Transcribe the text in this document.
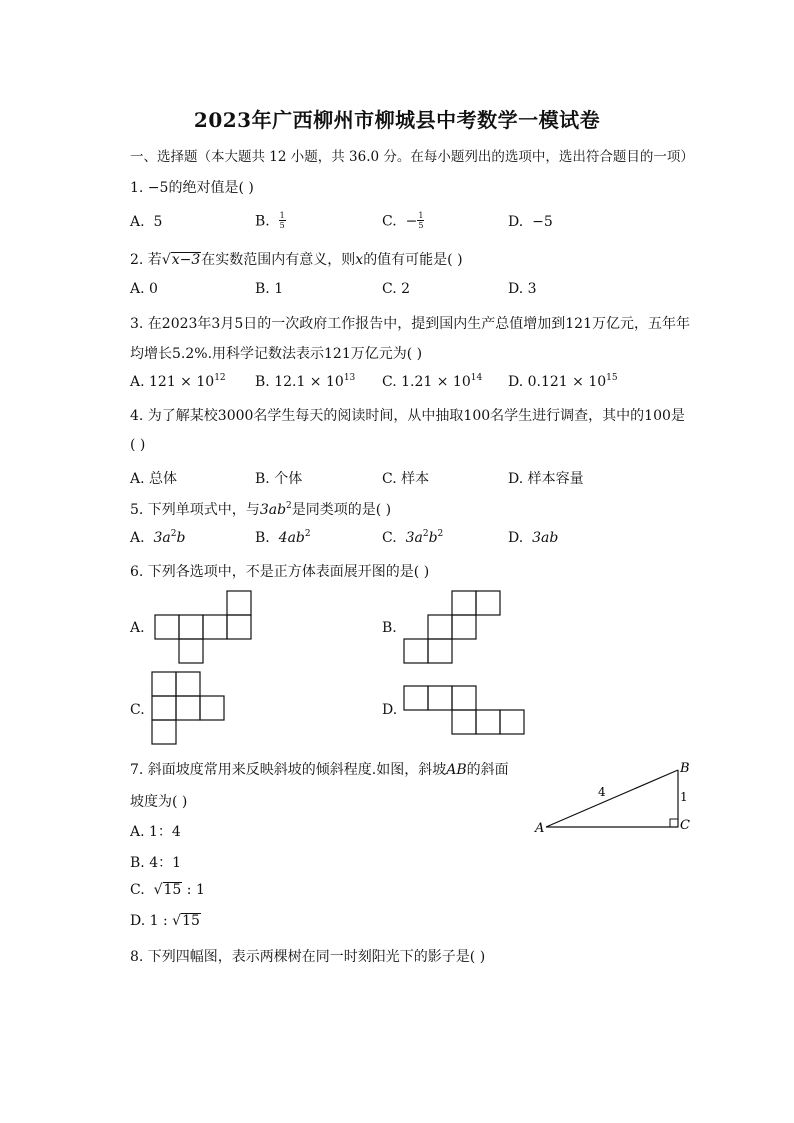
2023年广西柳州市柳城县中考数学一模试卷
一、选择题（本大题共 12 小题，共 36.0 分。在每小题列出的选项中，选出符合题目的一项）
1. −5的绝对值是( )
A. 5	B. $\frac{1}{5}$	C. − $\frac{1}{5}$	D. −5
2. 若√x−3在实数范围内有意义，则x的值有可能是( )
A. 0	B. 1	C. 2	D. 3
3. 在2023年3月5日的一次政府工作报告中，提到国内生产总值增加到121万亿元，五年年
均增长5.2%.用科学记数法表示121万亿元为( )
A. $121 \times 10^{12}$ B. $12.1 \times 10^{13}$ C. $1.21 \times 10^{14}$ D. $0.121 \times 10^{15}$
4. 为了解某校3000名学生每天的阅读时间，从中抽取100名学生进行调查，其中的100是
( )
A. 总体	B. 个体	C. 样本	D. 样本容量
5. 下列单项式中，与$3ab^2$是同类项的是( )
A. $3a^2b$	B. $4ab^2$	C. $3a^2b^2$	D. 3ab
6. 下列各选项中，不是正方体表面展开图的是( )
A.	B.
C.	D.
7. 斜面坡度常用来反映斜坡的倾斜程度.如图，斜坡AB的斜面
坡度为( )
A. 1：4
B. 4：1
C. √15 : 1
D. 1 : √15
A
B
C
4	1
8. 下列四幅图，表示两棵树在同一时刻阳光下的影子是( )
